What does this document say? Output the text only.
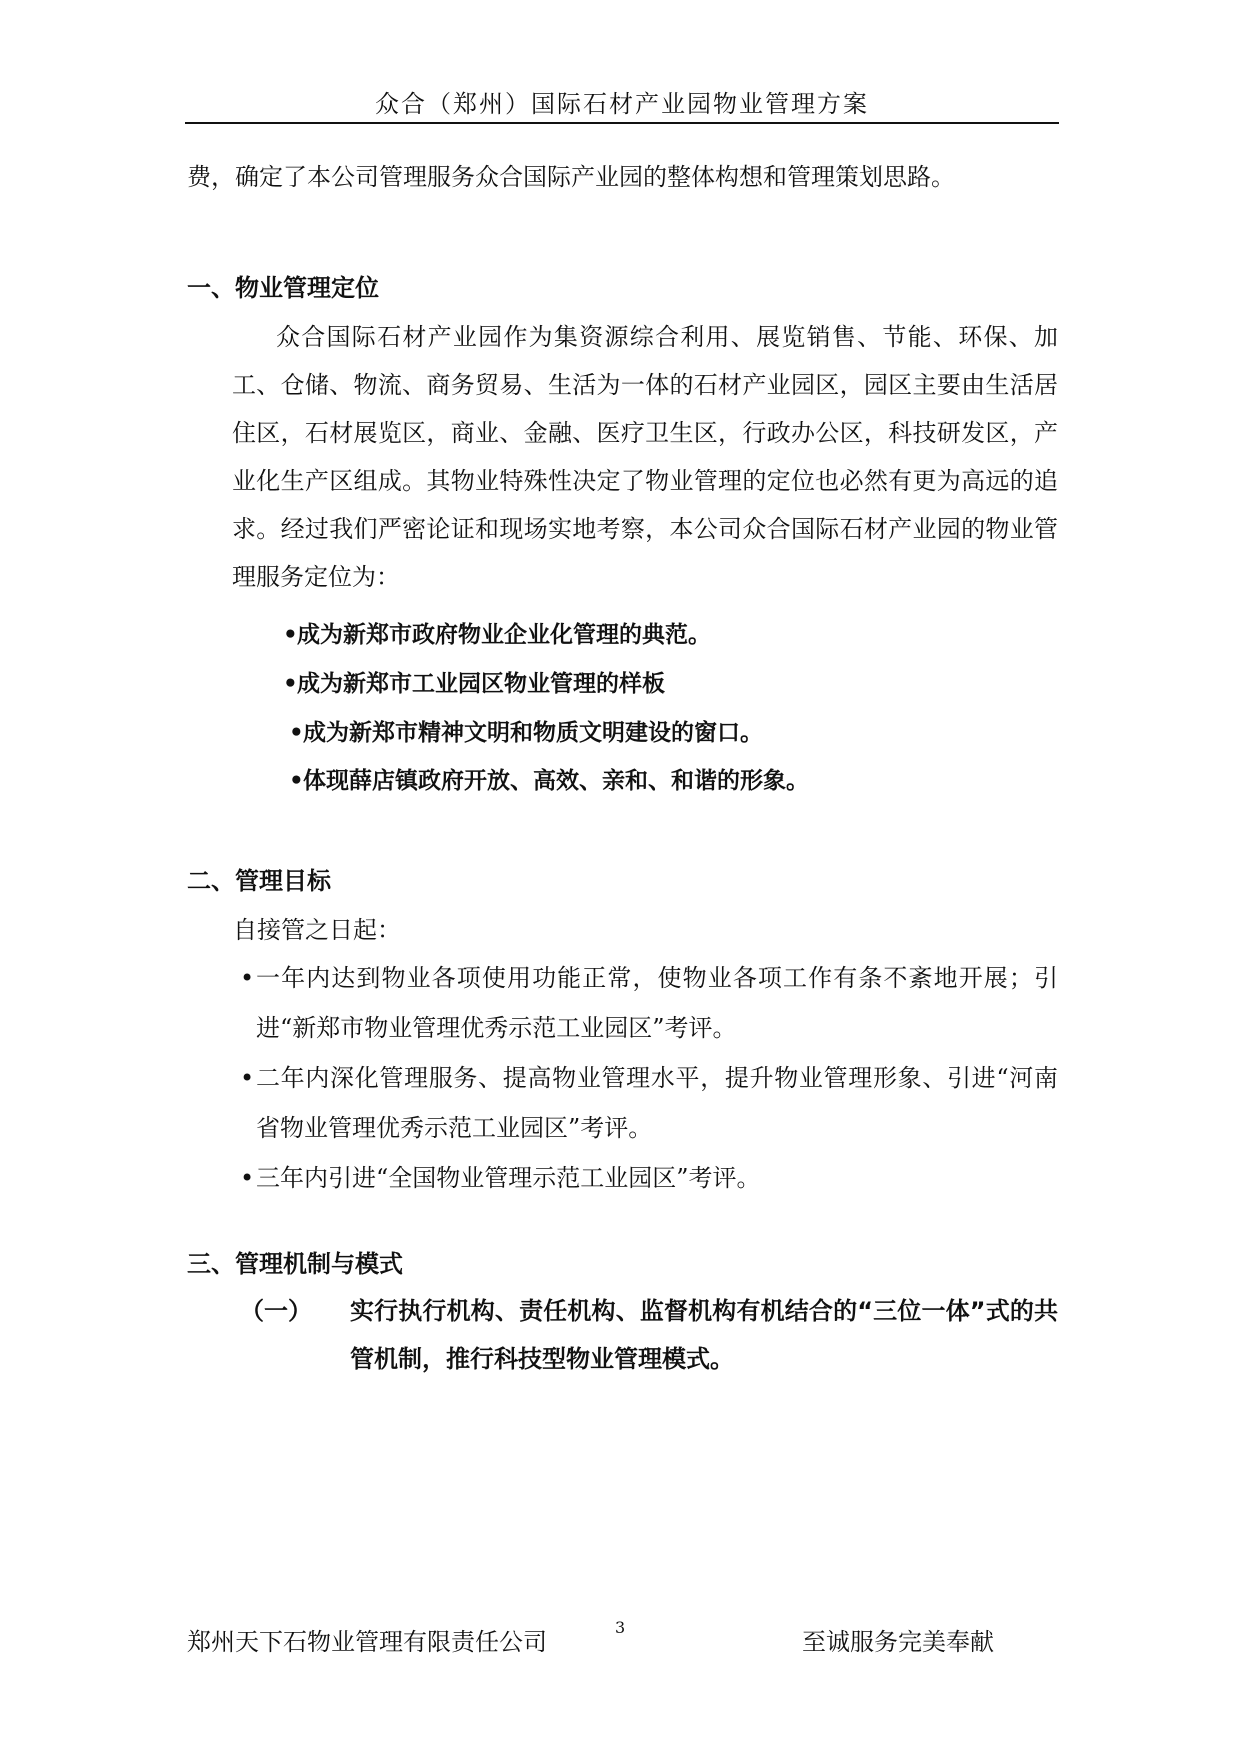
众合（郑州）国际石材产业园物业管理方案
费，确定了本公司管理服务众合国际产业园的整体构想和管理策划思路。
一、物业管理定位
众合国际石材产业园作为集资源综合利用、展览销售、节能、环保、加工、仓储、物流、商务贸易、生活为一体的石材产业园区，园区主要由生活居住区，石材展览区，商业、金融、医疗卫生区，行政办公区，科技研发区，产业化生产区组成。其物业特殊性决定了物业管理的定位也必然有更为高远的追求。经过我们严密论证和现场实地考察，本公司众合国际石材产业园的物业管理服务定位为：
•成为新郑市政府物业企业化管理的典范。
•成为新郑市工业园区物业管理的样板
•成为新郑市精神文明和物质文明建设的窗口。
•体现薛店镇政府开放、高效、亲和、和谐的形象。
二、管理目标
自接管之日起：
• 一年内达到物业各项使用功能正常，使物业各项工作有条不紊地开展；引进“新郑市物业管理优秀示范工业园区”考评。
• 二年内深化管理服务、提高物业管理水平，提升物业管理形象、引进“河南省物业管理优秀示范工业园区”考评。
• 三年内引进“全国物业管理示范工业园区”考评。
三、管理机制与模式
（一） 实行执行机构、责任机构、监督机构有机结合的“三位一体”式的共管机制，推行科技型物业管理模式。
郑州天下石物业管理有限责任公司
3
至诚服务完美奉献
